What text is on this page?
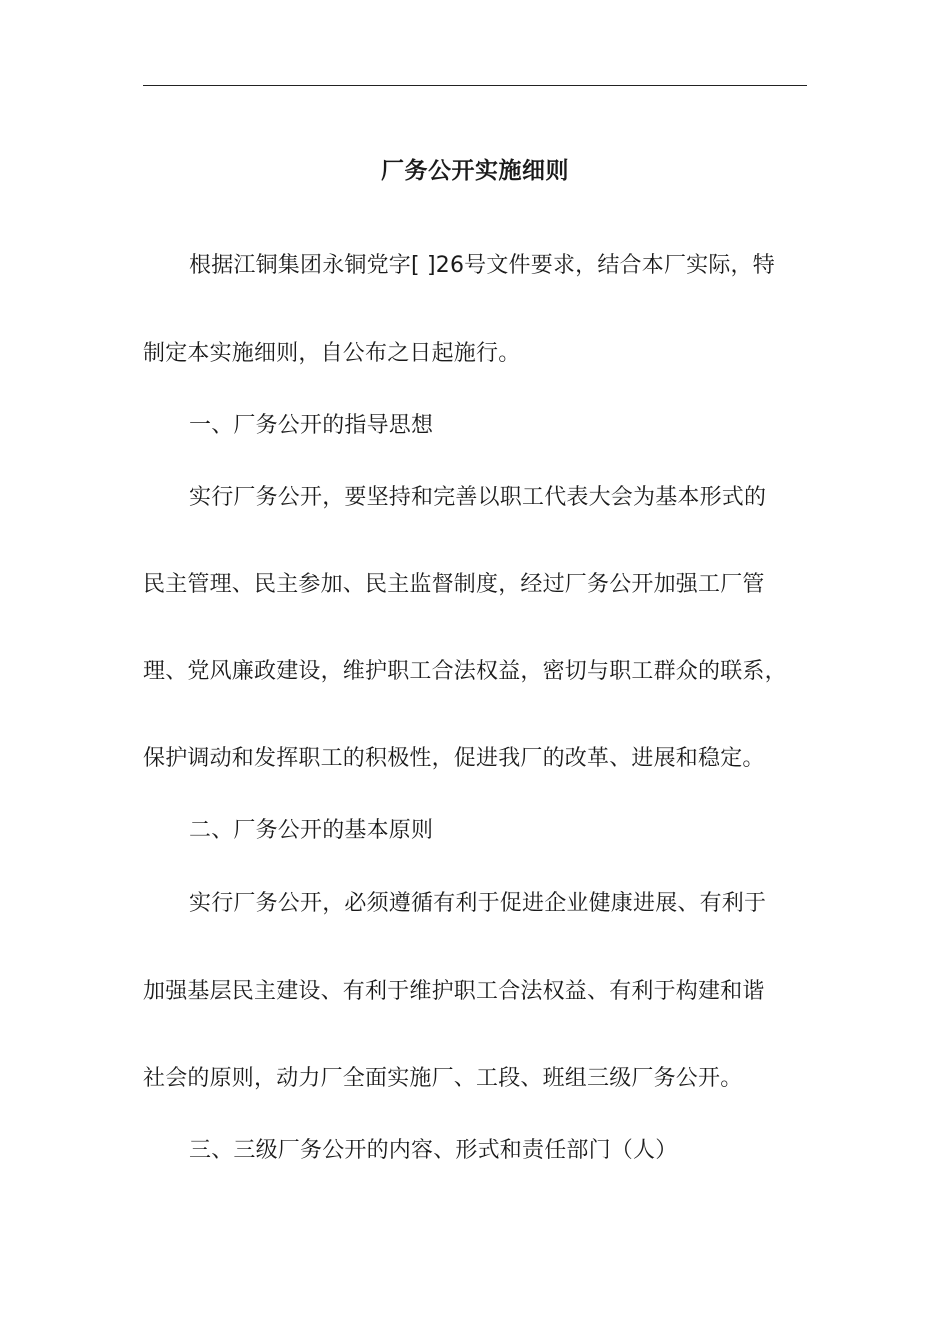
厂务公开实施细则
根据江铜集团永铜党字[ ]26号文件要求，结合本厂实际，特
制定本实施细则，自公布之日起施行。
一、厂务公开的指导思想
实行厂务公开，要坚持和完善以职工代表大会为基本形式的
民主管理、民主参加、民主监督制度，经过厂务公开加强工厂管
理、党风廉政建设，维护职工合法权益，密切与职工群众的联系，
保护调动和发挥职工的积极性，促进我厂的改革、进展和稳定。
二、厂务公开的基本原则
实行厂务公开，必须遵循有利于促进企业健康进展、有利于
加强基层民主建设、有利于维护职工合法权益、有利于构建和谐
社会的原则，动力厂全面实施厂、工段、班组三级厂务公开。
三、三级厂务公开的内容、形式和责任部门（人）
